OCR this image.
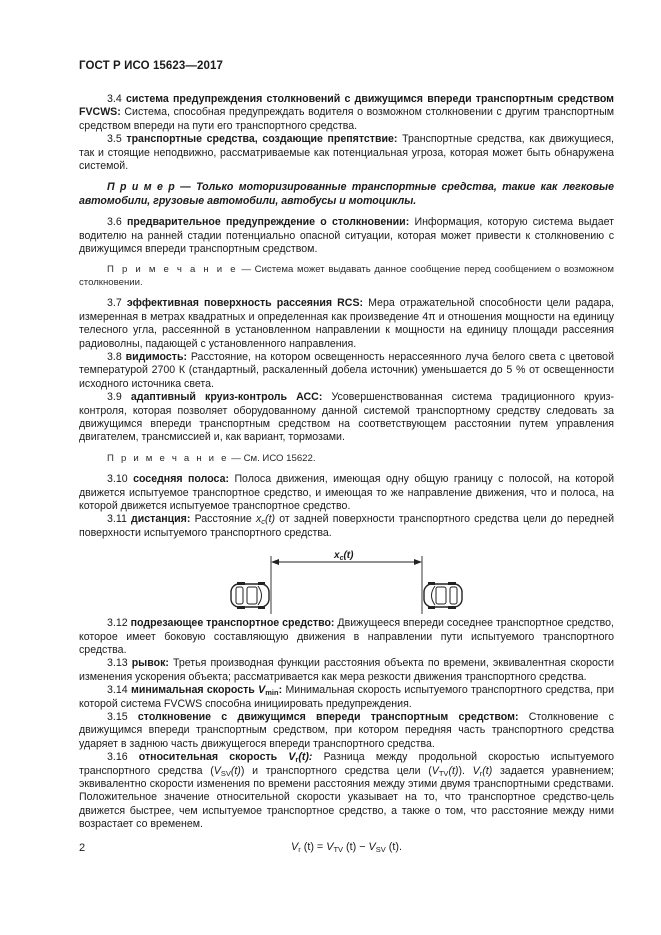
ГОСТ Р ИСО 15623—2017

3.4 система предупреждения столкновений с движущимся впереди транспортным средством FVCWS: Система, способная предупреждать водителя о возможном столкновении с другим транспортным средством впереди на пути его транспортного средства.

3.5 транспортные средства, создающие препятствие: Транспортные средства, как движущиеся, так и стоящие неподвижно, рассматриваемые как потенциальная угроза, которая может быть обнаружена системой.

П р и м е р — Только моторизированные транспортные средства, такие как легковые автомобили, грузовые автомобили, автобусы и мотоциклы.

3.6 предварительное предупреждение о столкновении: Информация, которую система выдает водителю на ранней стадии потенциально опасной ситуации, которая может привести к столкновению с движущимся впереди транспортным средством.

П р и м е ч а н и е — Система может выдавать данное сообщение перед сообщением о возможном столкновении.

3.7 эффективная поверхность рассеяния RCS: Мера отражательной способности цели радара, измеренная в метрах квадратных и определенная как произведение 4π и отношения мощности на единицу телесного угла, рассеянной в установленном направлении к мощности на единицу площади рассеяния радиоволны, падающей с установленного направления.

3.8 видимость: Расстояние, на котором освещенность нерассеянного луча белого света с цветовой температурой 2700 К (стандартный, раскаленный добела источник) уменьшается до 5 % от освещенности исходного источника света.

3.9 адаптивный круиз-контроль АСС: Усовершенствованная система традиционного круиз-контроля, которая позволяет оборудованному данной системой транспортному средству следовать за движущимся впереди транспортным средством на соответствующем расстоянии путем управления двигателем, трансмиссией и, как вариант, тормозами.

П р и м е ч а н и е — См. ИСО 15622.

3.10 соседняя полоса: Полоса движения, имеющая одну общую границу с полосой, на которой движется испытуемое транспортное средство, и имеющая то же направление движения, что и полоса, на которой движется испытуемое транспортное средство.

3.11 дистанция: Расстояние $x_c(t)$ от задней поверхности транспортного средства цели до передней поверхности испытуемого транспортного средства.

$x_c(t)$

3.12 подрезающее транспортное средство: Движущееся впереди соседнее транспортное средство, которое имеет боковую составляющую движения в направлении пути испытуемого транспортного средства.

3.13 рывок: Третья производная функции расстояния объекта по времени, эквивалентная скорости изменения ускорения объекта; рассматривается как мера резкости движения транспортного средства.

3.14 минимальная скорость $V_{min}$: Минимальная скорость испытуемого транспортного средства, при которой система FVCWS способна инициировать предупреждения.

3.15 столкновение с движущимся впереди транспортным средством: Столкновение с движущимся впереди транспортным средством, при котором передняя часть транспортного средства ударяет в заднюю часть движущегося впереди транспортного средства.

3.16 относительная скорость $V_r(t)$: Разница между продольной скоростью испытуемого транспортного средства $(V_{SV}(t))$ и транспортного средства цели $(V_{TV}(t))$. $V_r(t)$ задается уравнением; эквивалентно скорости изменения по времени расстояния между этими двумя транспортными средствами. Положительное значение относительной скорости указывает на то, что транспортное средство-цель движется быстрее, чем испытуемое транспортное средство, а также о том, что расстояние между ними возрастает со временем.

$V_r$ $(t) = V_{TV}$ $(t) - V_{SV}$ (t).
2
